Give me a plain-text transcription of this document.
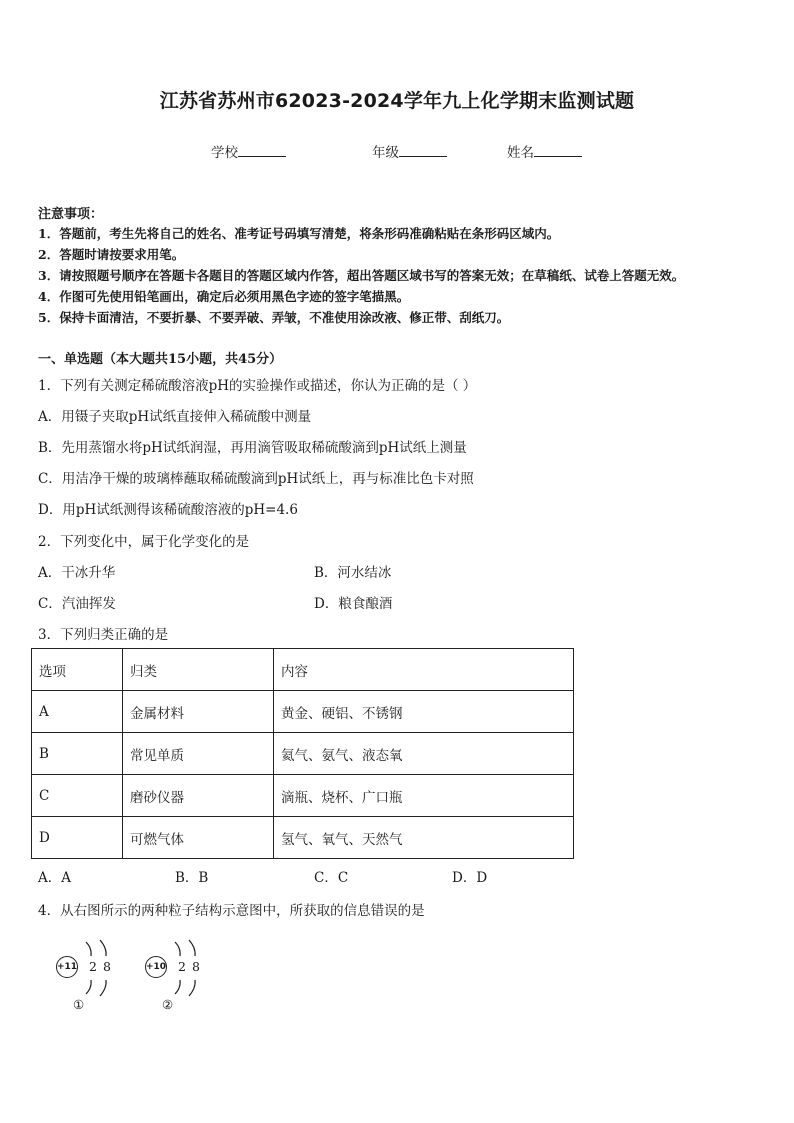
江苏省苏州市62023-2024学年九上化学期末监测试题
学校	年级	姓名
注意事项：
1．答题前，考生先将自己的姓名、准考证号码填写清楚，将条形码准确粘贴在条形码区域内。
2．答题时请按要求用笔。
3．请按照题号顺序在答题卡各题目的答题区域内作答，超出答题区域书写的答案无效；在草稿纸、试卷上答题无效。
4．作图可先使用铅笔画出，确定后必须用黑色字迹的签字笔描黑。
5．保持卡面清洁，不要折暴、不要弄破、弄皱，不准使用涂改液、修正带、刮纸刀。
一、单选题（本大题共15小题，共45分）
1．下列有关测定稀硫酸溶液pH的实验操作或描述，你认为正确的是（ ）
A．用镊子夹取pH试纸直接伸入稀硫酸中测量
B．先用蒸馏水将pH试纸润湿，再用滴管吸取稀硫酸滴到pH试纸上测量
C．用洁净干燥的玻璃棒蘸取稀硫酸滴到pH试纸上，再与标准比色卡对照
D．用pH试纸测得该稀硫酸溶液的pH=4.6
2．下列变化中，属于化学变化的是
A．干冰升华	B．河水结冰
C．汽油挥发	D．粮食酿酒
3．下列归类正确的是
选项	归类	内容
A	金属材料	黄金、硬铝、不锈钢
B	常见单质	氦气、氨气、液态氧
C	磨砂仪器	滴瓶、烧杯、广口瓶
D	可燃气体	氢气、氧气、天然气
A．A	B．B	C．C	D．D
4．从右图所示的两种粒子结构示意图中，所获取的信息错误的是
+11 2 8
①
+10 2 8
②
